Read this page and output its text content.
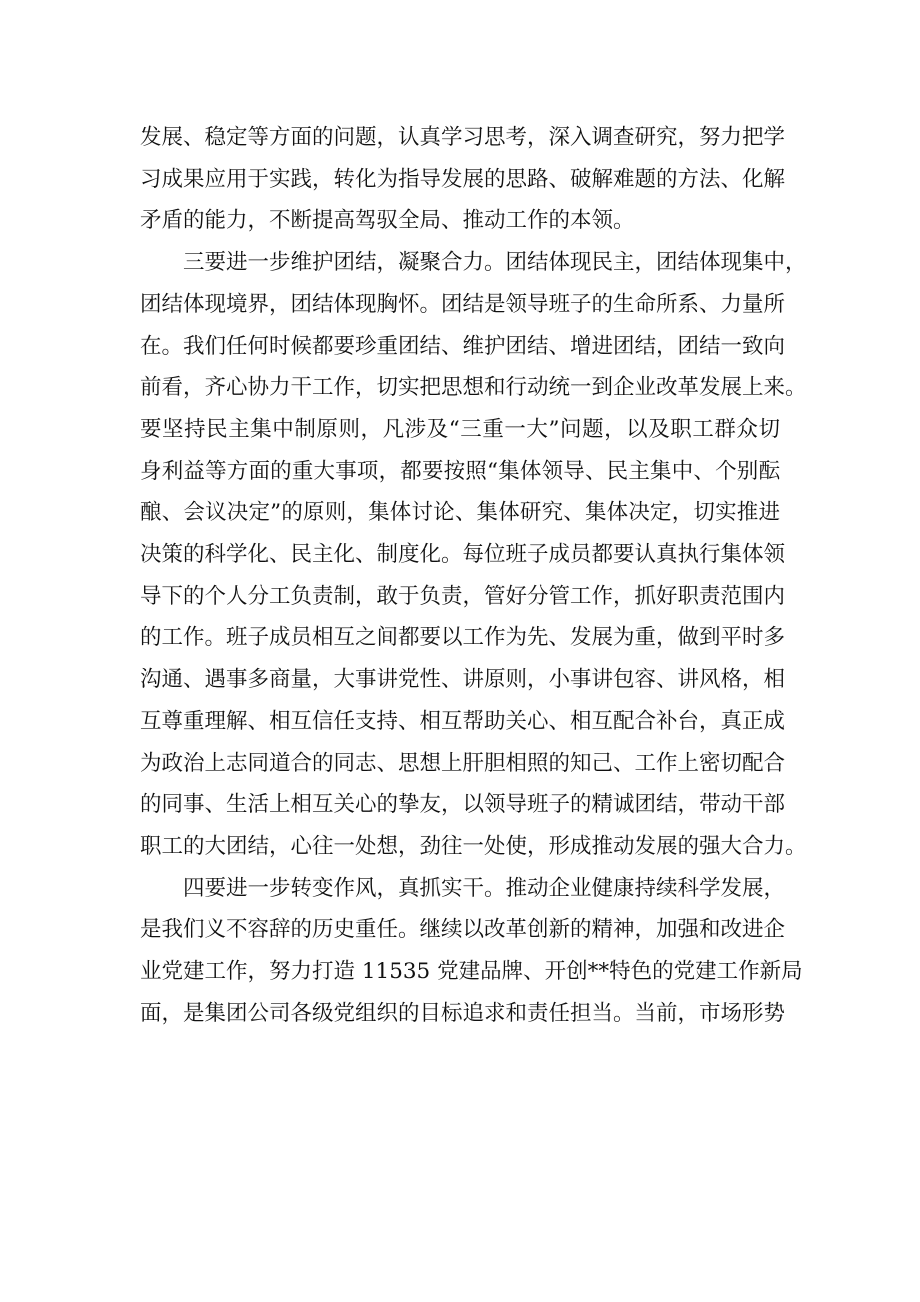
发展、稳定等方面的问题，认真学习思考，深入调查研究，努力把学
习成果应用于实践，转化为指导发展的思路、破解难题的方法、化解
矛盾的能力，不断提高驾驭全局、推动工作的本领。
　　三要进一步维护团结，凝聚合力。团结体现民主，团结体现集中，
团结体现境界，团结体现胸怀。团结是领导班子的生命所系、力量所
在。我们任何时候都要珍重团结、维护团结、增进团结，团结一致向
前看，齐心协力干工作，切实把思想和行动统一到企业改革发展上来。
要坚持民主集中制原则，凡涉及“三重一大”问题，以及职工群众切
身利益等方面的重大事项，都要按照“集体领导、民主集中、个别酝
酿、会议决定”的原则，集体讨论、集体研究、集体决定，切实推进
决策的科学化、民主化、制度化。每位班子成员都要认真执行集体领
导下的个人分工负责制，敢于负责，管好分管工作，抓好职责范围内
的工作。班子成员相互之间都要以工作为先、发展为重，做到平时多
沟通、遇事多商量，大事讲党性、讲原则，小事讲包容、讲风格，相
互尊重理解、相互信任支持、相互帮助关心、相互配合补台，真正成
为政治上志同道合的同志、思想上肝胆相照的知己、工作上密切配合
的同事、生活上相互关心的挚友，以领导班子的精诚团结，带动干部
职工的大团结，心往一处想，劲往一处使，形成推动发展的强大合力。
　　四要进一步转变作风，真抓实干。推动企业健康持续科学发展，
是我们义不容辞的历史重任。继续以改革创新的精神，加强和改进企
业党建工作，努力打造 11535 党建品牌、开创**特色的党建工作新局
面，是集团公司各级党组织的目标追求和责任担当。当前，市场形势
